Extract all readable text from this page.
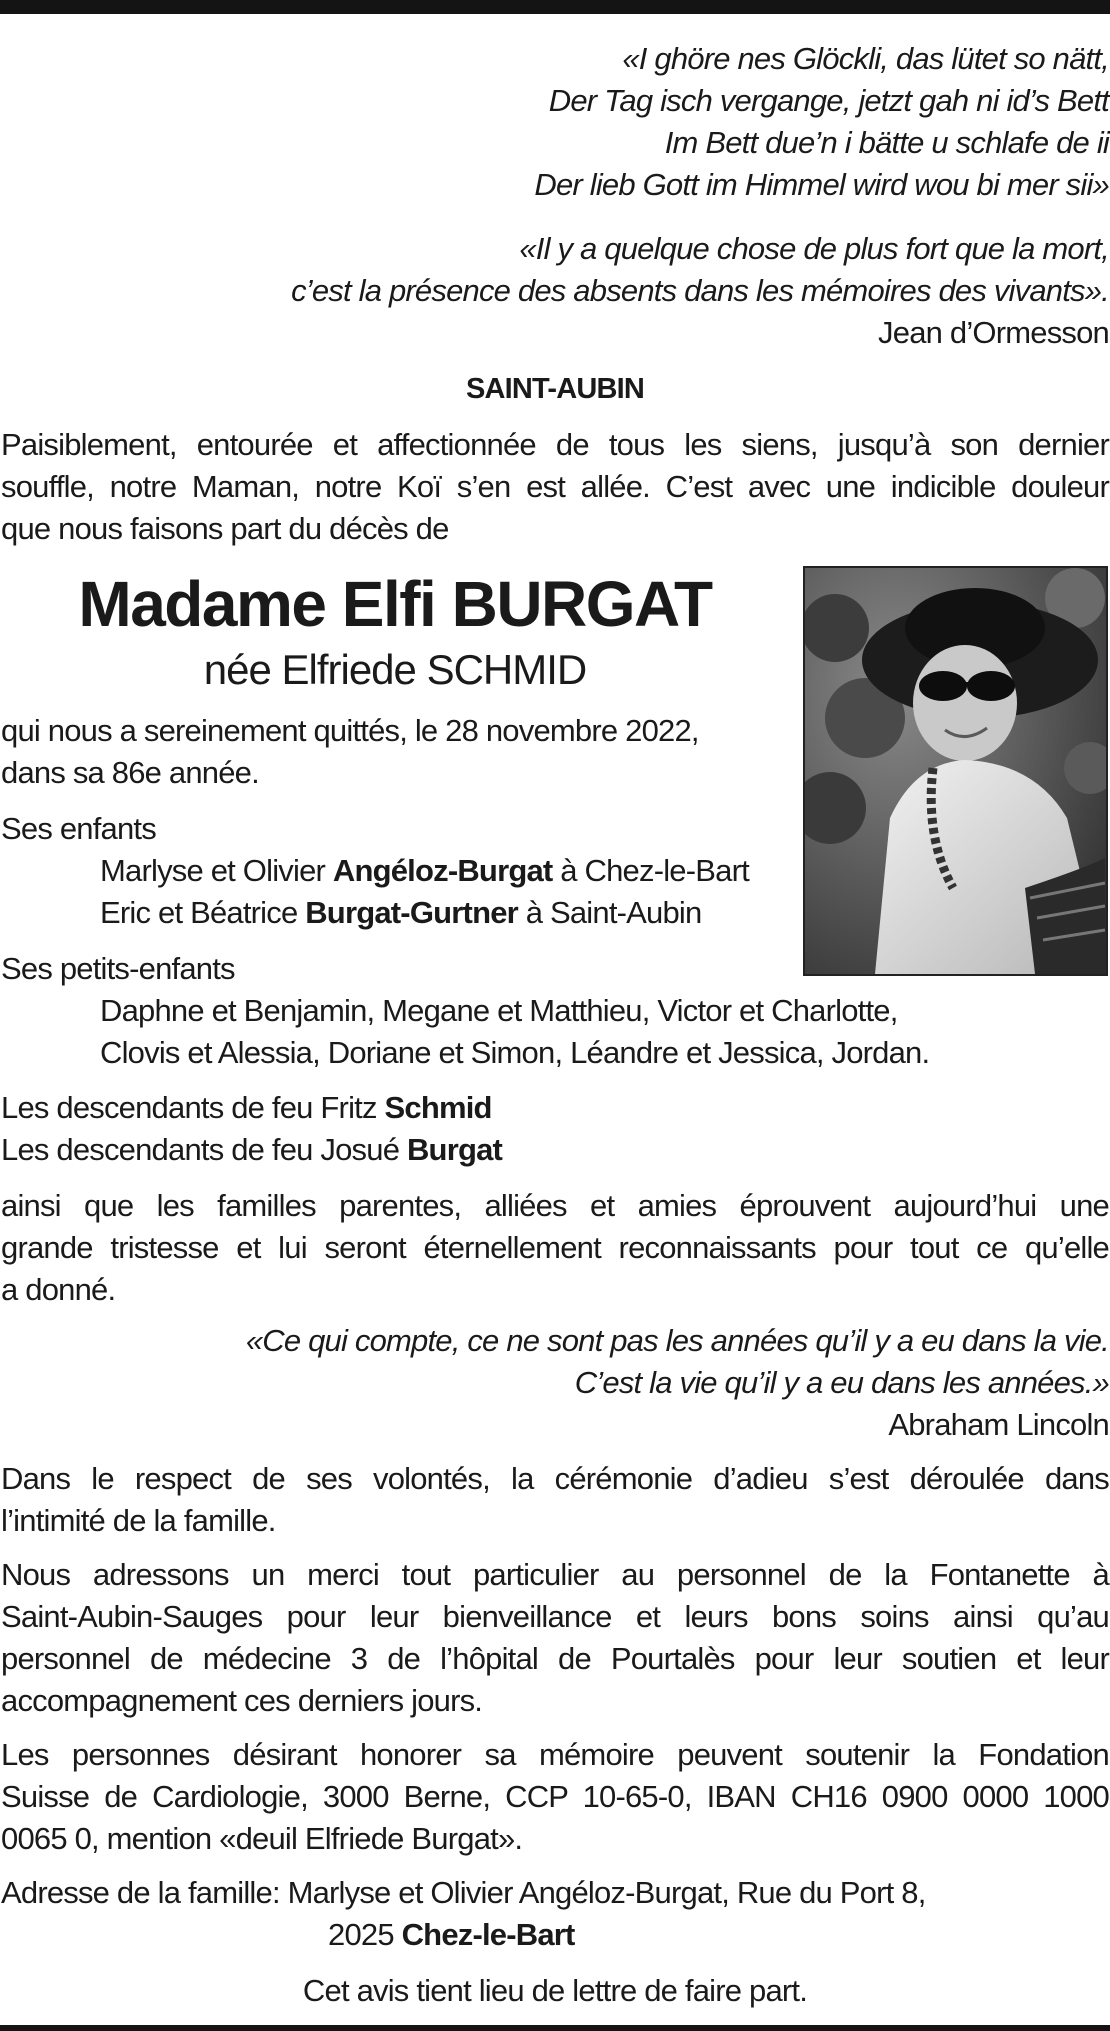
«I ghöre nes Glöckli, das lütet so nätt,
Der Tag isch vergange, jetzt gah ni id’s Bett
Im Bett due’n i bätte u schlafe de ii
Der lieb Gott im Himmel wird wou bi mer sii»
«Il y a quelque chose de plus fort que la mort,
c’est la présence des absents dans les mémoires des vivants».
Jean d’Ormesson
SAINT-AUBIN
Paisiblement, entourée et affectionnée de tous les siens, jusqu’à son dernier
souffle, notre Maman, notre Koï s’en est allée. C’est avec une indicible douleur
que nous faisons part du décès de
Madame Elfi BURGAT
née Elfriede SCHMID
qui nous a sereinement quittés, le 28 novembre 2022,
dans sa 86e année.
Ses enfants
Marlyse et Olivier Angéloz-Burgat à Chez-le-Bart
Eric et Béatrice Burgat-Gurtner à Saint-Aubin
Ses petits-enfants
Daphne et Benjamin, Megane et Matthieu, Victor et Charlotte,
Clovis et Alessia, Doriane et Simon, Léandre et Jessica, Jordan.
Les descendants de feu Fritz Schmid
Les descendants de feu Josué Burgat
ainsi que les familles parentes, alliées et amies éprouvent aujourd’hui une
grande tristesse et lui seront éternellement reconnaissants pour tout ce qu’elle
a donné.
«Ce qui compte, ce ne sont pas les années qu’il y a eu dans la vie.
C’est la vie qu’il y a eu dans les années.»
Abraham Lincoln
Dans le respect de ses volontés, la cérémonie d’adieu s’est déroulée dans
l’intimité de la famille.
Nous adressons un merci tout particulier au personnel de la Fontanette à
Saint-Aubin-Sauges pour leur bienveillance et leurs bons soins ainsi qu’au
personnel de médecine 3 de l’hôpital de Pourtalès pour leur soutien et leur
accompagnement ces derniers jours.
Les personnes désirant honorer sa mémoire peuvent soutenir la Fondation
Suisse de Cardiologie, 3000 Berne, CCP 10-65-0, IBAN CH16 0900 0000 1000
0065 0, mention «deuil Elfriede Burgat».
Adresse de la famille: Marlyse et Olivier Angéloz-Burgat, Rue du Port 8,
2025 Chez-le-Bart
Cet avis tient lieu de lettre de faire part.
